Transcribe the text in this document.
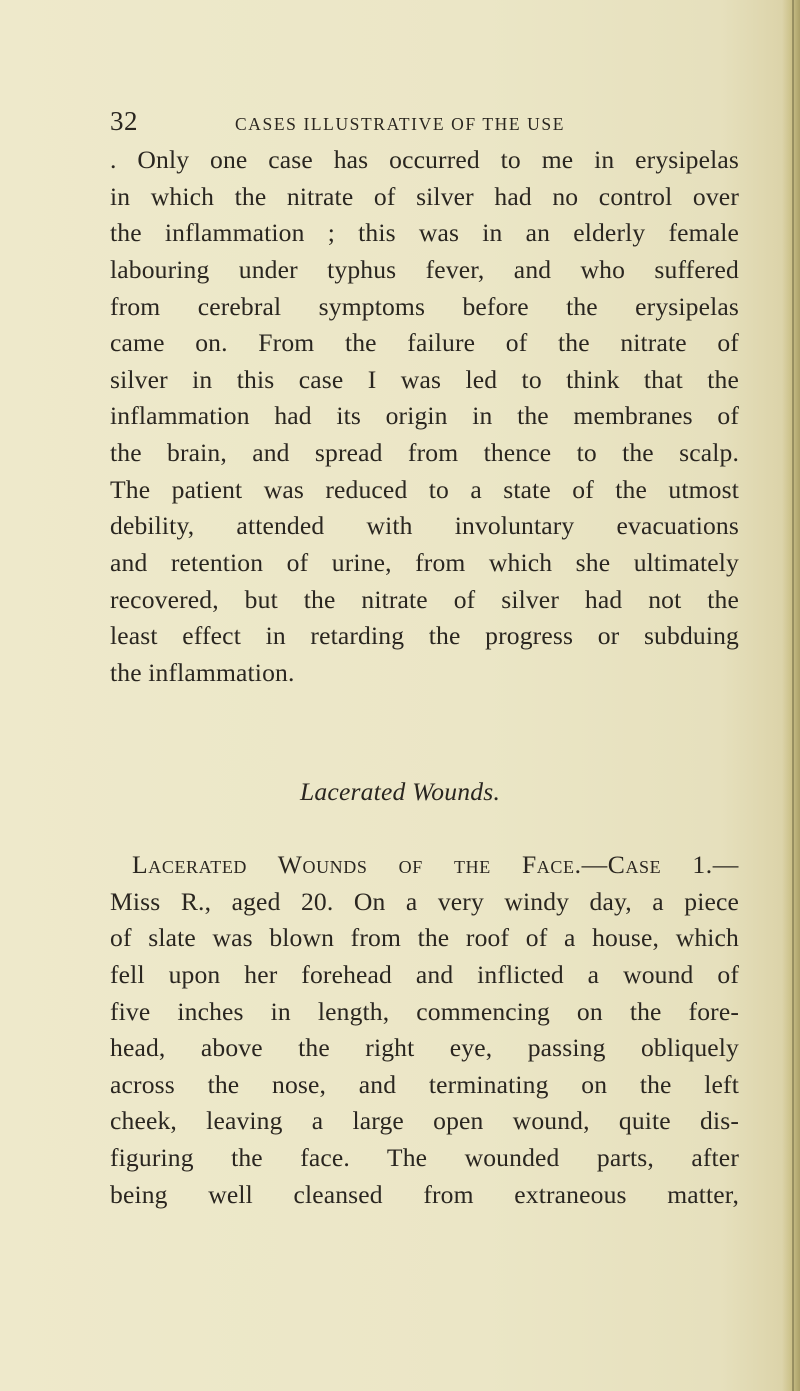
32	CASES ILLUSTRATIVE OF THE USE
. Only one case has occurred to me in erysipelas
in which the nitrate of silver had no control over
the inflammation ; this was in an elderly female
labouring under typhus fever, and who suffered
from cerebral symptoms before the erysipelas
came on. From the failure of the nitrate of
silver in this case I was led to think that the
inflammation had its origin in the membranes of
the brain, and spread from thence to the scalp.
The patient was reduced to a state of the utmost
debility, attended with involuntary evacuations
and retention of urine, from which she ultimately
recovered, but the nitrate of silver had not the
least effect in retarding the progress or subduing
the inflammation.
Lacerated Wounds.
Lacerated Wounds of the Face.—Case 1.—
Miss R., aged 20. On a very windy day, a piece
of slate was blown from the roof of a house, which
fell upon her forehead and inflicted a wound of
five inches in length, commencing on the fore-
head, above the right eye, passing obliquely
across the nose, and terminating on the left
cheek, leaving a large open wound, quite dis-
figuring the face. The wounded parts, after
being well cleansed from extraneous matter,
